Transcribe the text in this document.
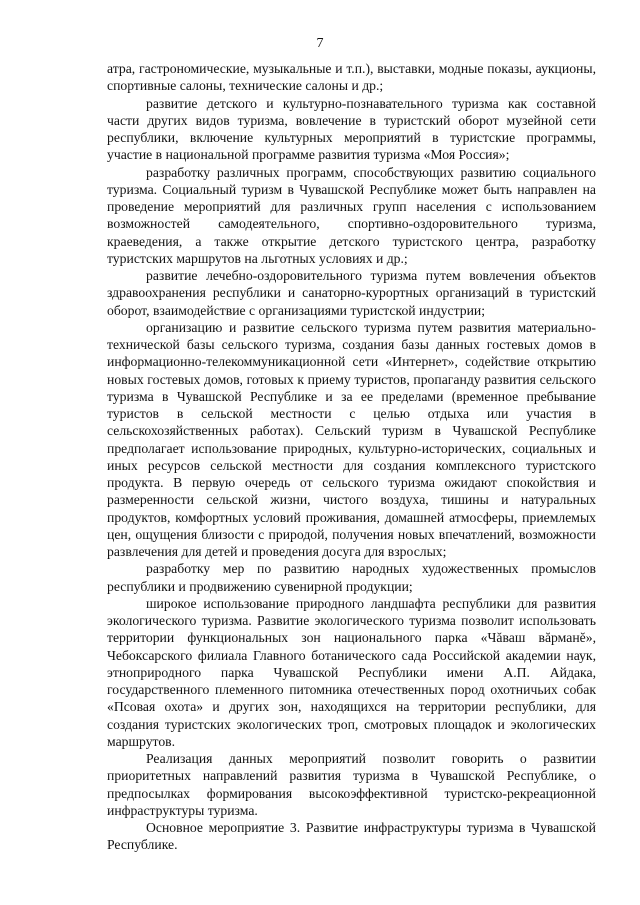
7

атра, гастрономические, музыкальные и т.п.), выставки, модные показы, аукционы, спортивные салоны, технические салоны и др.;

развитие детского и культурно-познавательного туризма как составной части других видов туризма, вовлечение в туристский оборот музейной сети республики, включение культурных мероприятий в туристские программы, участие в национальной программе развития туризма «Моя Россия»;

разработку различных программ, способствующих развитию социального туризма. Социальный туризм в Чувашской Республике может быть направлен на проведение мероприятий для различных групп населения с использованием возможностей самодеятельного, спортивно-оздоровительного туризма, краеведения, а также открытие детского туристского центра, разработку туристских маршрутов на льготных условиях и др.;

развитие лечебно-оздоровительного туризма путем вовлечения объектов здравоохранения республики и санаторно-курортных организаций в туристский оборот, взаимодействие с организациями туристской индустрии;

организацию и развитие сельского туризма путем развития материально-технической базы сельского туризма, создания базы данных гостевых домов в информационно-телекоммуникационной сети «Интернет», содействие открытию новых гостевых домов, готовых к приему туристов, пропаганду развития сельского туризма в Чувашской Республике и за ее пределами (временное пребывание туристов в сельской местности с целью отдыха или участия в сельскохозяйственных работах). Сельский туризм в Чувашской Республике предполагает использование природных, культурно-исторических, социальных и иных ресурсов сельской местности для создания комплексного туристского продукта. В первую очередь от сельского туризма ожидают спокойствия и размеренности сельской жизни, чистого воздуха, тишины и натуральных продуктов, комфортных условий проживания, домашней атмосферы, приемлемых цен, ощущения близости с природой, получения новых впечатлений, возможности развлечения для детей и проведения досуга для взрослых;

разработку мер по развитию народных художественных промыслов республики и продвижению сувенирной продукции;

широкое использование природного ландшафта республики для развития экологического туризма. Развитие экологического туризма позволит использовать территории функциональных зон национального парка «Чăваш вăрманĕ», Чебоксарского филиала Главного ботанического сада Российской академии наук, этноприродного парка Чувашской Республики имени А.П. Айдака, государственного племенного питомника отечественных пород охотничьих собак «Псовая охота» и других зон, находящихся на территории республики, для создания туристских экологических троп, смотровых площадок и экологических маршрутов.

Реализация данных мероприятий позволит говорить о развитии приоритетных направлений развития туризма в Чувашской Республике, о предпосылках формирования высокоэффективной туристско-рекреационной инфраструктуры туризма.

Основное мероприятие 3. Развитие инфраструктуры туризма в Чувашской Республике.
